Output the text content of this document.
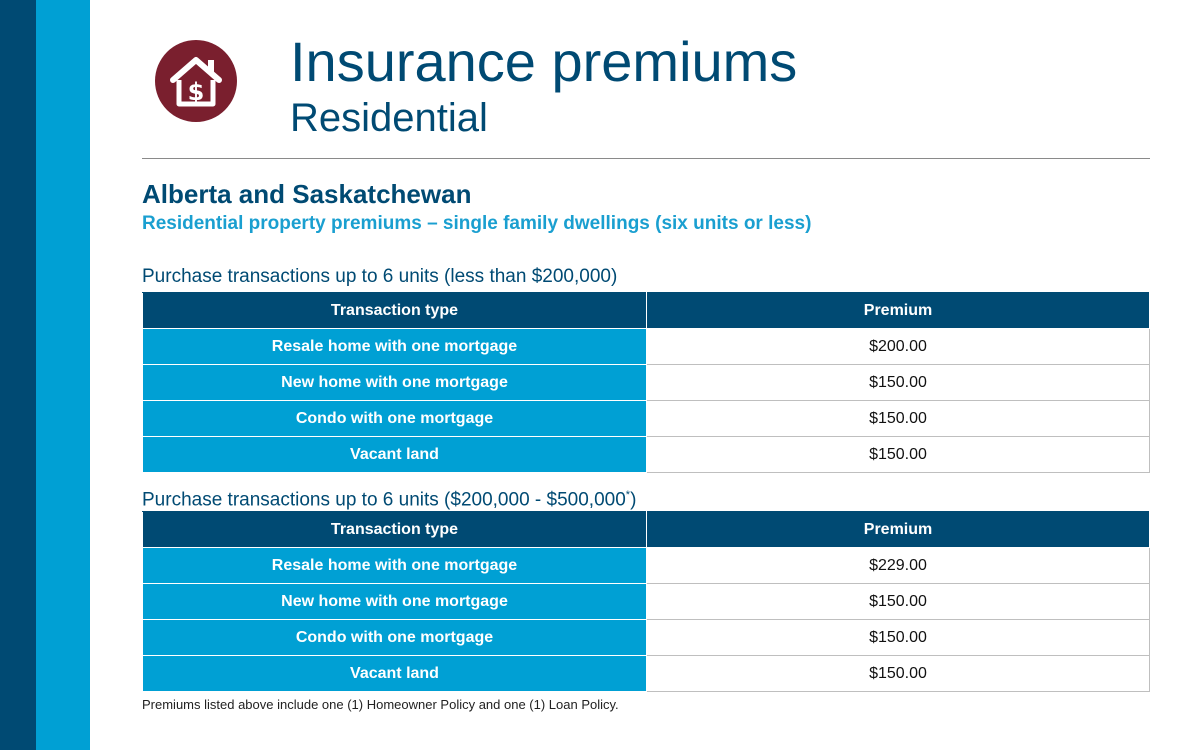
$ Insurance premiums
Residential
Alberta and Saskatchewan
Residential property premiums – single family dwellings (six units or less)
Purchase transactions up to 6 units (less than $200,000)
Transaction type	Premium
Resale home with one mortgage	$200.00
New home with one mortgage	$150.00
Condo with one mortgage	$150.00
Vacant land	$150.00
Purchase transactions up to 6 units ($200,000 - $500,000*)
Transaction type	Premium
Resale home with one mortgage	$229.00
New home with one mortgage	$150.00
Condo with one mortgage	$150.00
Vacant land	$150.00
Premiums listed above include one (1) Homeowner Policy and one (1) Loan Policy.
